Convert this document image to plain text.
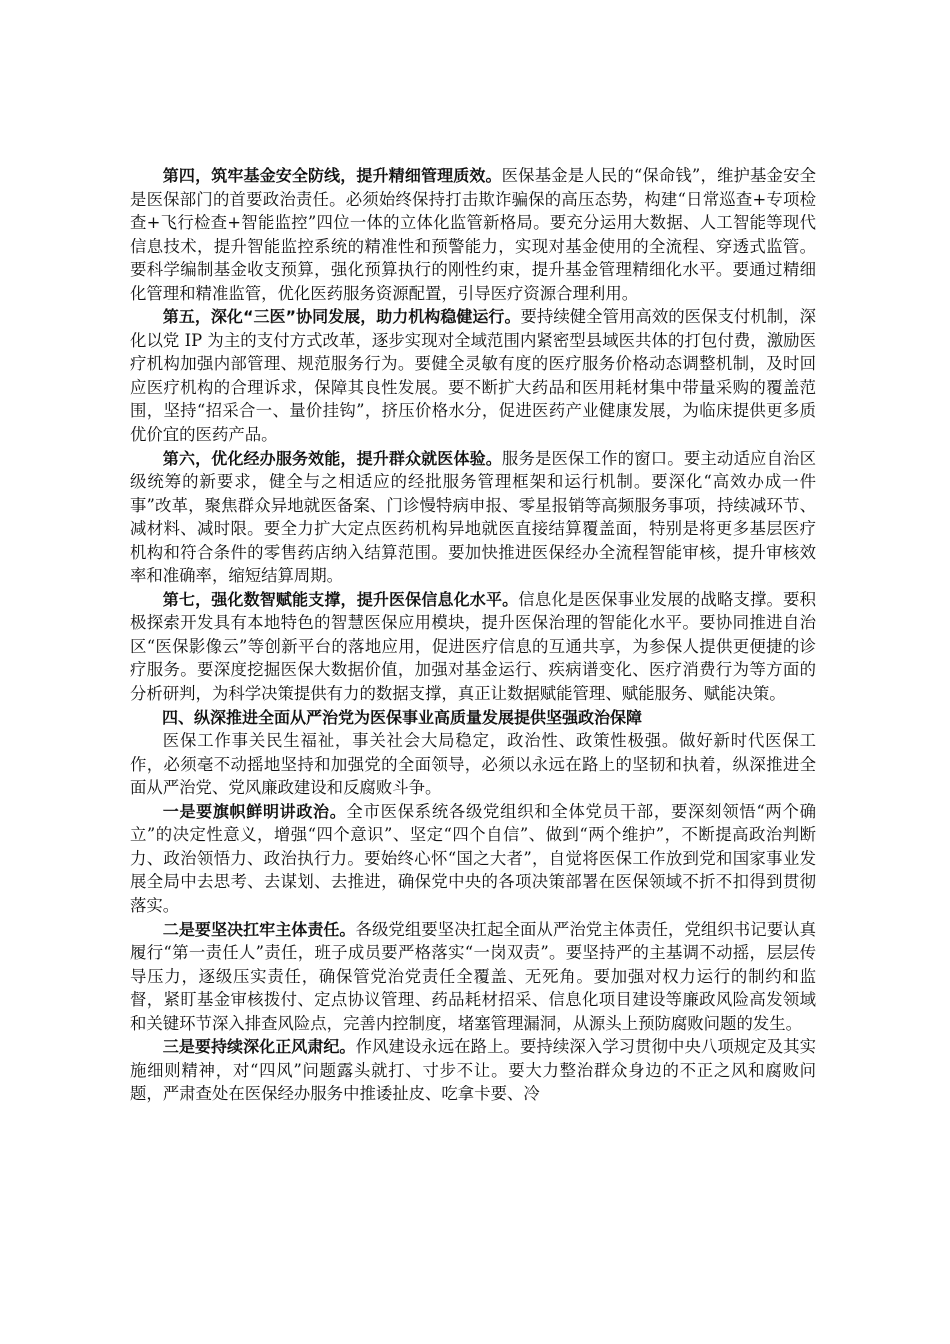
第四，筑牢基金安全防线，提升精细管理质效。医保基金是人民的“保命钱”，维护基金安全是医保部门的首要政治责任。必须始终保持打击欺诈骗保的高压态势，构建“日常巡查+专项检查+飞行检查+智能监控”四位一体的立体化监管新格局。要充分运用大数据、人工智能等现代信息技术，提升智能监控系统的精准性和预警能力，实现对基金使用的全流程、穿透式监管。要科学编制基金收支预算，强化预算执行的刚性约束，提升基金管理精细化水平。要通过精细化管理和精准监管，优化医药服务资源配置，引导医疗资源合理利用。

第五，深化“三医”协同发展，助力机构稳健运行。要持续健全管用高效的医保支付机制，深化以党 IP 为主的支付方式改革，逐步实现对全域范围内紧密型县域医共体的打包付费，激励医疗机构加强内部管理、规范服务行为。要健全灵敏有度的医疗服务价格动态调整机制，及时回应医疗机构的合理诉求，保障其良性发展。要不断扩大药品和医用耗材集中带量采购的覆盖范围，坚持“招采合一、量价挂钩”，挤压价格水分，促进医药产业健康发展，为临床提供更多质优价宜的医药产品。

第六，优化经办服务效能，提升群众就医体验。服务是医保工作的窗口。要主动适应自治区级统筹的新要求，健全与之相适应的经批服务管理框架和运行机制。要深化“高效办成一件事”改革，聚焦群众异地就医备案、门诊慢特病申报、零星报销等高频服务事项，持续减环节、减材料、减时限。要全力扩大定点医药机构异地就医直接结算覆盖面，特别是将更多基层医疗机构和符合条件的零售药店纳入结算范围。要加快推进医保经办全流程智能审核，提升审核效率和准确率，缩短结算周期。

第七，强化数智赋能支撑，提升医保信息化水平。信息化是医保事业发展的战略支撑。要积极探索开发具有本地特色的智慧医保应用模块，提升医保治理的智能化水平。要协同推进自治区“医保影像云”等创新平台的落地应用，促进医疗信息的互通共享，为参保人提供更便捷的诊疗服务。要深度挖掘医保大数据价值，加强对基金运行、疾病谱变化、医疗消费行为等方面的分析研判，为科学决策提供有力的数据支撑，真正让数据赋能管理、赋能服务、赋能决策。

四、纵深推进全面从严治党为医保事业高质量发展提供坚强政治保障

医保工作事关民生福祉，事关社会大局稳定，政治性、政策性极强。做好新时代医保工作，必须毫不动摇地坚持和加强党的全面领导，必须以永远在路上的坚韧和执着，纵深推进全面从严治党、党风廉政建设和反腐败斗争。

一是要旗帜鲜明讲政治。全市医保系统各级党组织和全体党员干部，要深刻领悟“两个确立”的决定性意义，增强“四个意识”、坚定“四个自信”、做到“两个维护”，不断提高政治判断力、政治领悟力、政治执行力。要始终心怀“国之大者”，自觉将医保工作放到党和国家事业发展全局中去思考、去谋划、去推进，确保党中央的各项决策部署在医保领域不折不扣得到贯彻落实。

二是要坚决扛牢主体责任。各级党组要坚决扛起全面从严治党主体责任，党组织书记要认真履行“第一责任人”责任，班子成员要严格落实“一岗双责”。要坚持严的主基调不动摇，层层传导压力，逐级压实责任，确保管党治党责任全覆盖、无死角。要加强对权力运行的制约和监督，紧盯基金审核拨付、定点协议管理、药品耗材招采、信息化项目建设等廉政风险高发领域和关键环节深入排查风险点，完善内控制度，堵塞管理漏洞，从源头上预防腐败问题的发生。

三是要持续深化正风肃纪。作风建设永远在路上。要持续深入学习贯彻中央八项规定及其实施细则精神，对“四风”问题露头就打、寸步不让。要大力整治群众身边的不正之风和腐败问题，严肃查处在医保经办服务中推诿扯皮、吃拿卡要、冷
